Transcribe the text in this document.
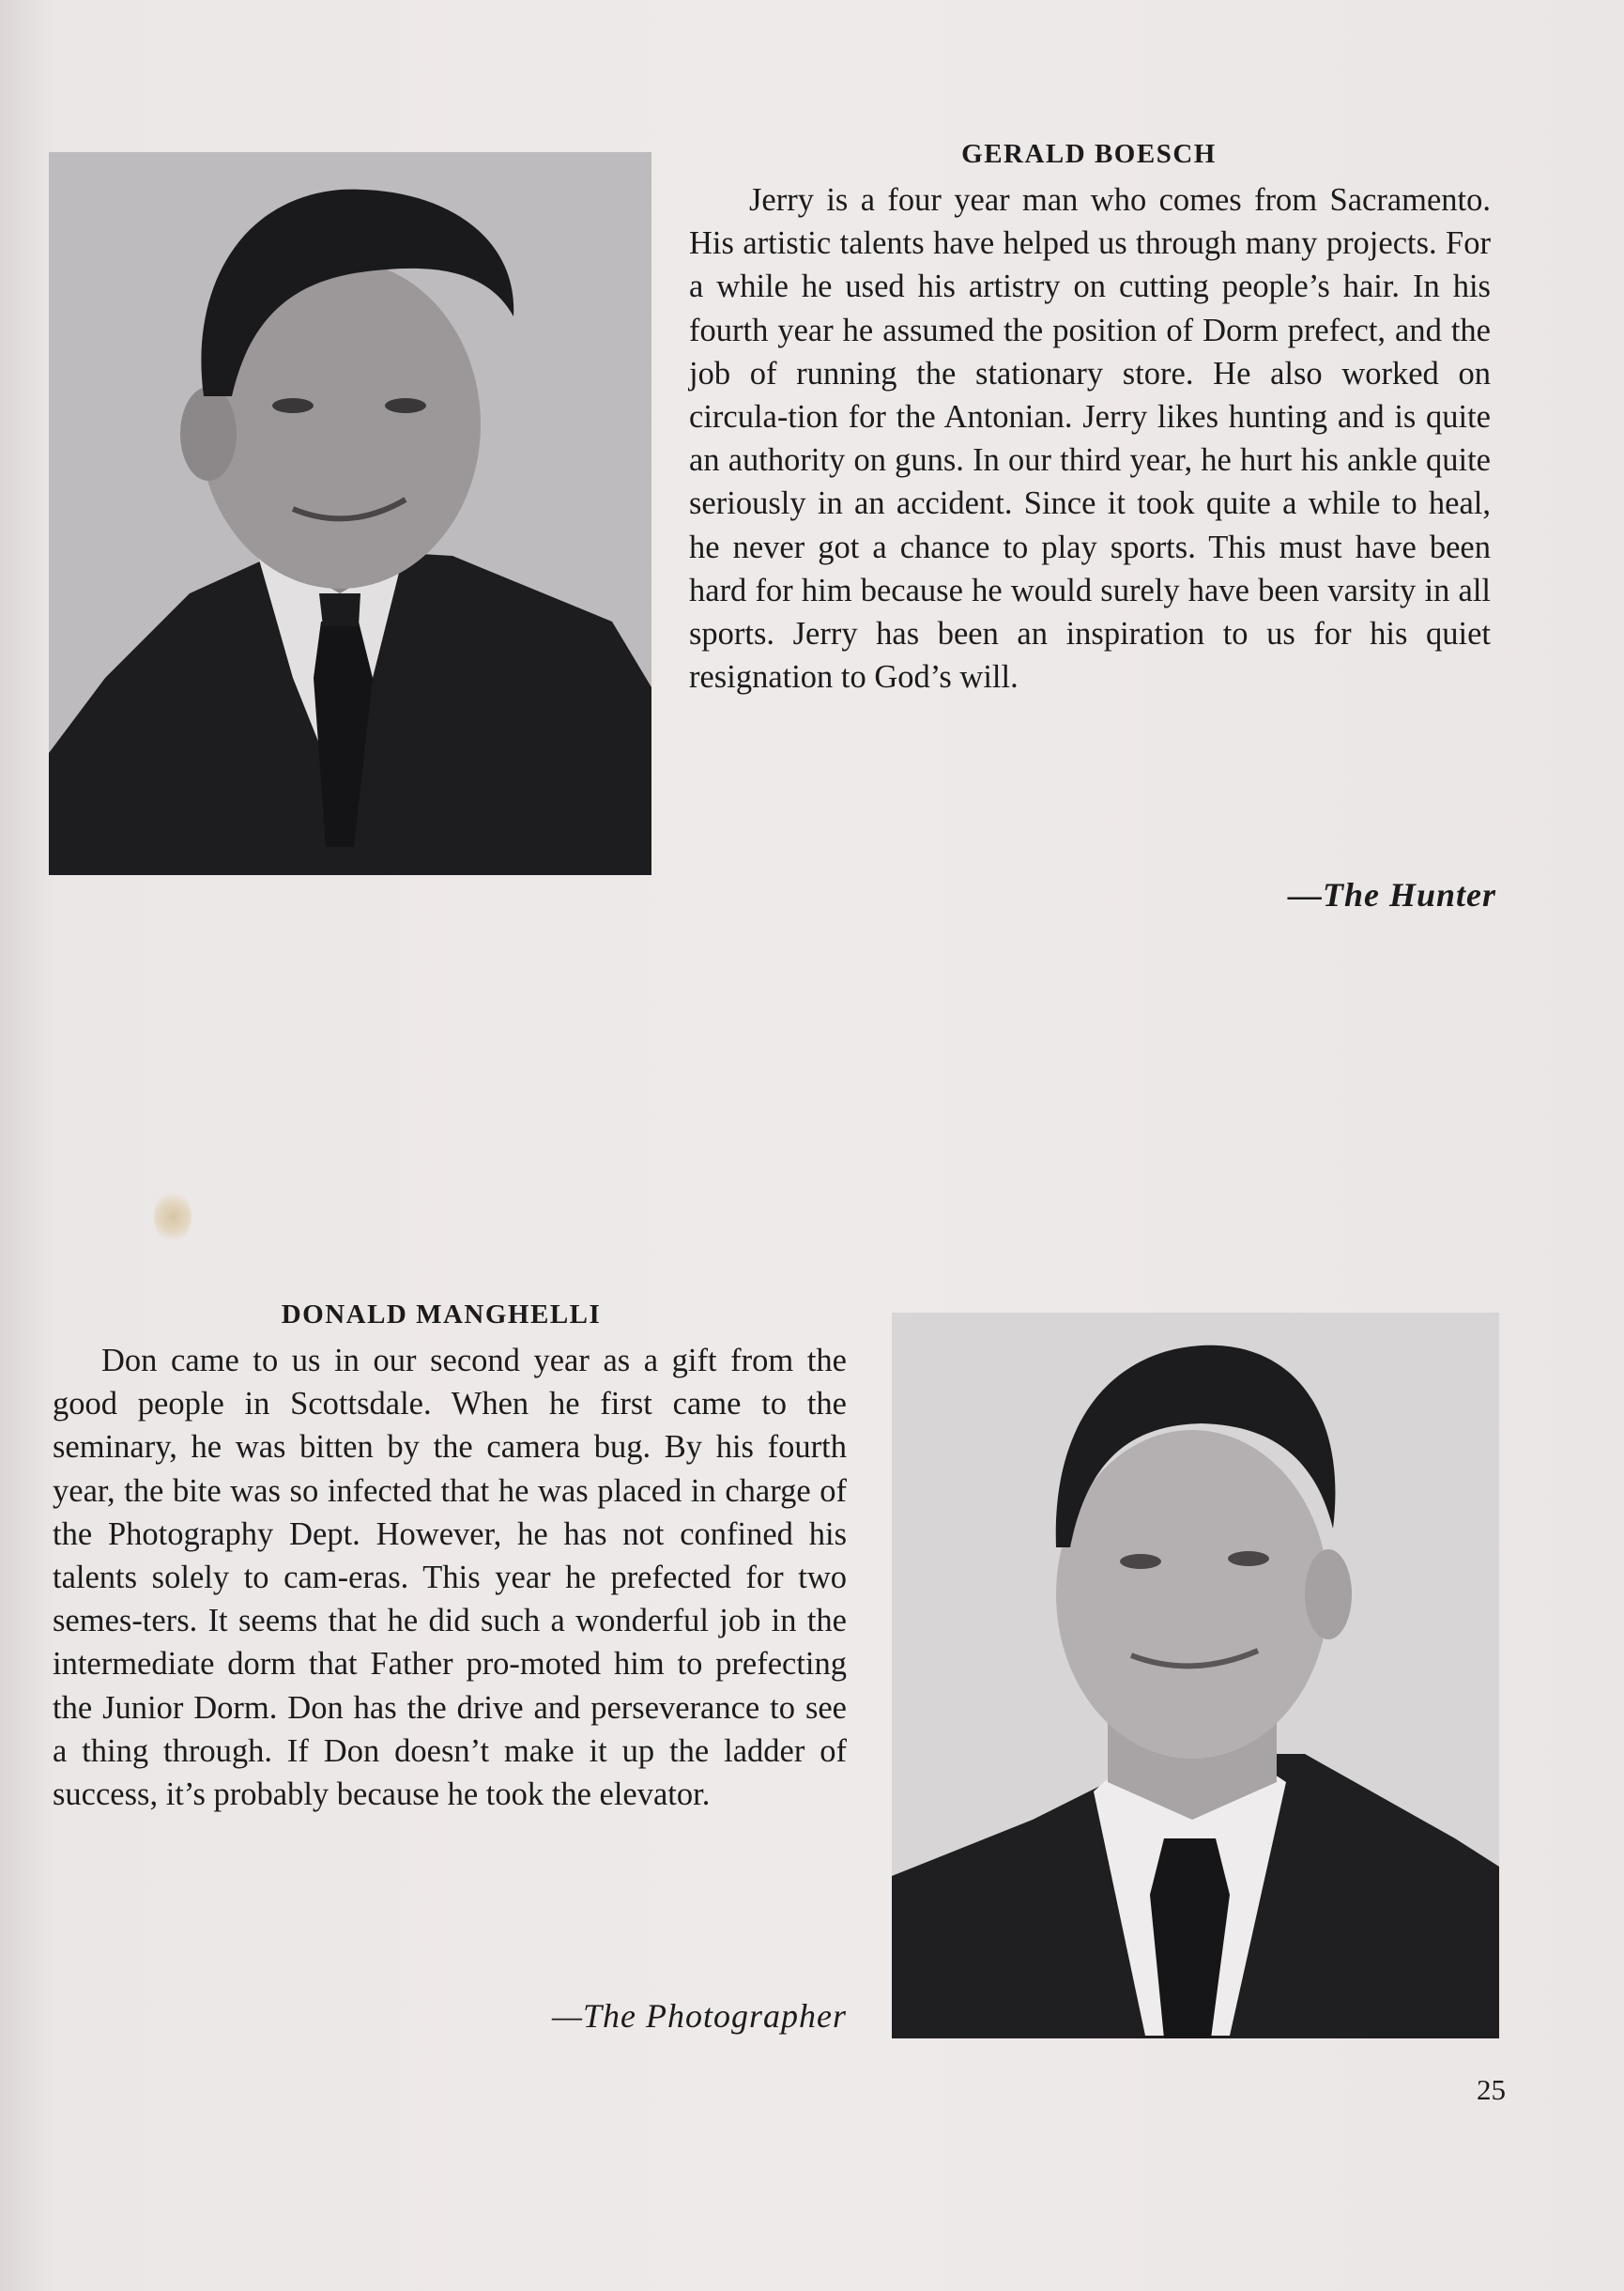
GERALD BOESCH

Jerry is a four year man who comes from Sacramento. His artistic talents have helped us through many projects. For a while he used his artistry on cutting people’s hair. In his fourth year he assumed the position of Dorm prefect, and the job of running the stationary store. He also worked on circula-tion for the Antonian. Jerry likes hunting and is quite an authority on guns. In our third year, he hurt his ankle quite seriously in an accident. Since it took quite a while to heal, he never got a chance to play sports. This must have been hard for him because he would surely have been varsity in all sports. Jerry has been an inspiration to us for his quiet resignation to God’s will.

—The Hunter

DONALD MANGHELLI

Don came to us in our second year as a gift from the good people in Scottsdale. When he first came to the seminary, he was bitten by the camera bug. By his fourth year, the bite was so infected that he was placed in charge of the Photography Dept. However, he has not confined his talents solely to cam-eras. This year he prefected for two semes-ters. It seems that he did such a wonderful job in the intermediate dorm that Father pro-moted him to prefecting the Junior Dorm. Don has the drive and perseverance to see a thing through. If Don doesn’t make it up the ladder of success, it’s probably because he took the elevator.

—The Photographer

25
